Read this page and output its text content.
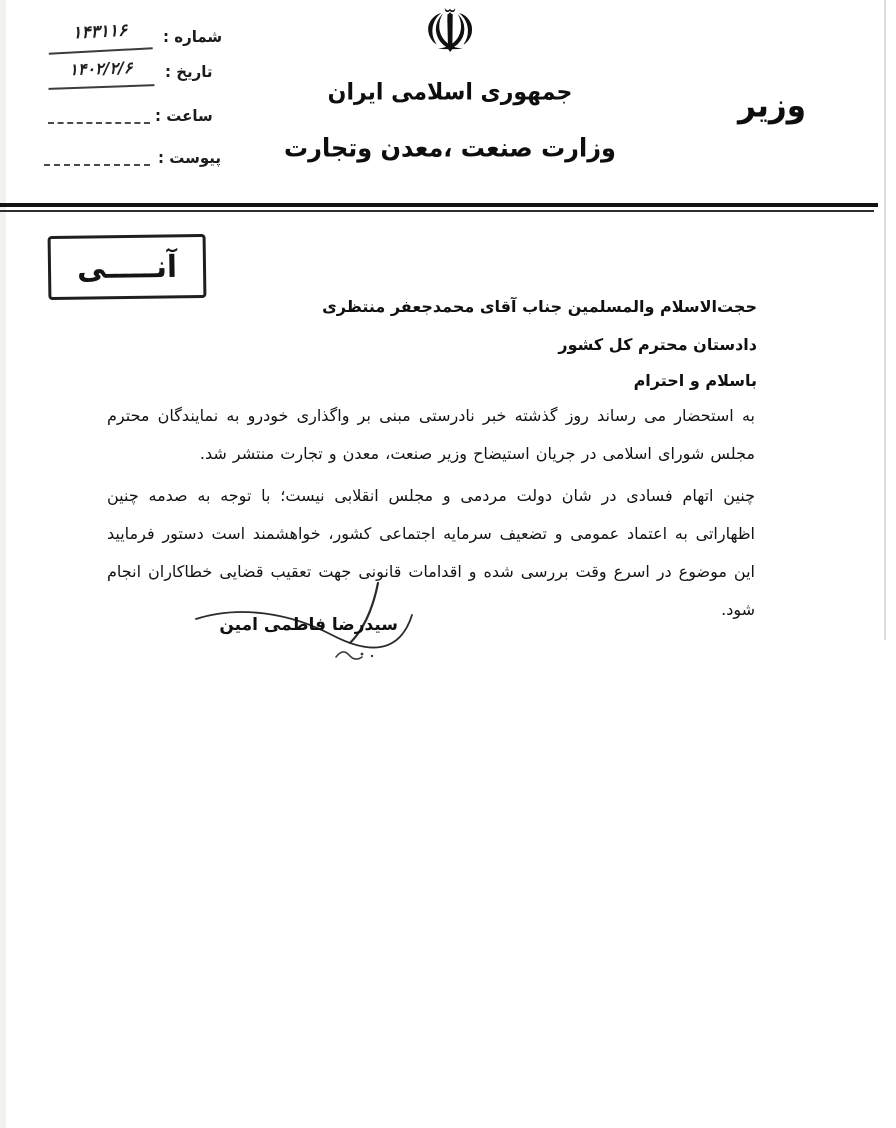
شماره :
۱۴۳۱۱۶
تاریخ :
۱۴۰۲/۲/۶
ساعت :
پیوست :
☫
جمهوری اسلامی ایران
وزارت صنعت ،معدن وتجارت
وزیر
آنـــــی
حجت‌الاسلام والمسلمین جناب آقای محمدجعفر منتظری
دادستان محترم کل کشور
باسلام و احترام
به استحضار می رساند روز گذشته خبر نادرستی مبنی بر واگذاری خودرو به نمایندگان محترم مجلس شورای اسلامی در جریان استیضاح وزیر صنعت، معدن و تجارت منتشر شد.
چنین اتهام فسادی در شان دولت مردمی و مجلس انقلابی نیست؛ با توجه به صدمه چنین اظهاراتی به اعتماد عمومی و تضعیف سرمایه اجتماعی کشور، خواهشمند است دستور فرمایید این موضوع در اسرع وقت بررسی شده و اقدامات قانونی جهت تعقیب قضایی خطاکاران انجام شود.
سیدرضا فاطمی امین
